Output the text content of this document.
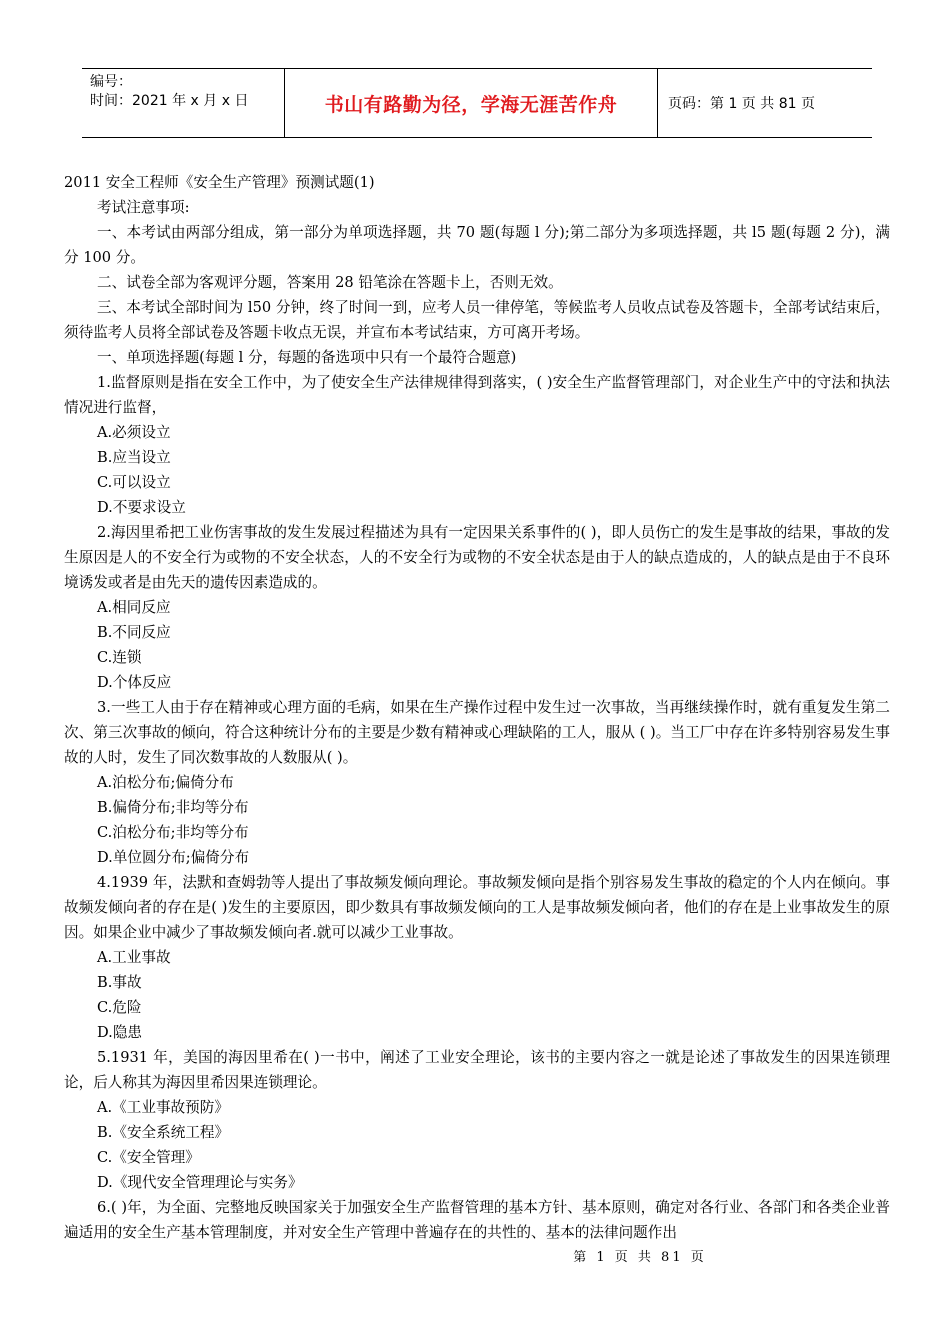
编号：
时间：2021 年 x 月 x 日	书山有路勤为径，学海无涯苦作舟	页码：第 1 页 共 81 页

2011 安全工程师《安全生产管理》预测试题(1)

考试注意事项:

一、本考试由两部分组成，第一部分为单项选择题，共 70 题(每题 l 分);第二部分为多项选择题，共 l5 题(每题 2 分)，满分 100 分。

二、试卷全部为客观评分题，答案用 28 铅笔涂在答题卡上，否则无效。

三、本考试全部时间为 l50 分钟，终了时间一到，应考人员一律停笔，等候监考人员收点试卷及答题卡，全部考试结束后，须待监考人员将全部试卷及答题卡收点无误，并宣布本考试结束，方可离开考场。

一、单项选择题(每题 l 分，每题的备选项中只有一个最符合题意)

1.监督原则是指在安全工作中，为了使安全生产法律规律得到落实，( )安全生产监督管理部门，对企业生产中的守法和执法情况进行监督，

A.必须设立

B.应当设立

C.可以设立

D.不要求设立

2.海因里希把工业伤害事故的发生发展过程描述为具有一定因果关系事件的( )，即人员伤亡的发生是事故的结果，事故的发生原因是人的不安全行为或物的不安全状态，人的不安全行为或物的不安全状态是由于人的缺点造成的，人的缺点是由于不良环境诱发或者是由先天的遗传因素造成的。

A.相同反应

B.不同反应

C.连锁

D.个体反应

3.一些工人由于存在精神或心理方面的毛病，如果在生产操作过程中发生过一次事故，当再继续操作时，就有重复发生第二次、第三次事故的倾向，符合这种统计分布的主要是少数有精神或心理缺陷的工人，服从 ( )。当工厂中存在许多特别容易发生事故的人时，发生了同次数事故的人数服从( )。

A.泊松分布;偏倚分布

B.偏倚分布;非均等分布

C.泊松分布;非均等分布

D.单位圆分布;偏倚分布

4.1939 年，法默和查姆勃等人提出了事故频发倾向理论。事故频发倾向是指个别容易发生事故的稳定的个人内在倾向。事故频发倾向者的存在是( )发生的主要原因，即少数具有事故频发倾向的工人是事故频发倾向者，他们的存在是上业事故发生的原因。如果企业中减少了事故频发倾向者.就可以减少工业事故。

A.工业事故

B.事故

C.危险

D.隐患

5.1931 年，美国的海因里希在( )一书中，阐述了工业安全理论，该书的主要内容之一就是论述了事故发生的因果连锁理论，后人称其为海因里希因果连锁理论。

A.《工业事故预防》

B.《安全系统工程》

C.《安全管理》

D.《现代安全管理理论与实务》

6.( )年，为全面、完整地反映国家关于加强安全生产监督管理的基本方针、基本原则，确定对各行业、各部门和各类企业普遍适用的安全生产基本管理制度，并对安全生产管理中普遍存在的共性的、基本的法律问题作出

第 1 页 共 81 页
